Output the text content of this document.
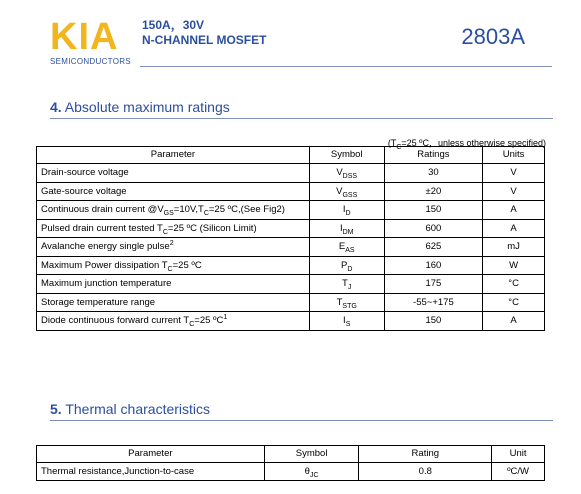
KIA
SEMICONDUCTORS
150A，30V
N-CHANNEL MOSFET	2803A
4. Absolute maximum ratings
($T_C=25$ ºC，unless otherwise specified)
Parameter	Symbol	Ratings	Units
Drain-source voltage	$V_{DSS}$	30	V
Gate-source voltage	$V_{GSS}$	±20	V
Continuous drain current $@V_{GS}=10V,T_C=25$ ºC,(See Fig2)	$I_D$	150	A
Pulsed drain current tested $T_C=25$ ºC (Silicon Limit)	$I_{DM}$	600	A
Avalanche energy single pulse$^2$	$E_{AS}$	625	mJ
Maximum Power dissipation $T_C=25$ ºC	$P_D$	160	W
Maximum junction temperature	$T_J$	175	°C
Storage temperature range	$T_{STG}$	-55~+175	°C
Diode continuous forward current $T_C=25$ ºC$^1$	$I_S$	150	A
5. Thermal characteristics
Parameter	Symbol	Rating	Unit
Thermal resistance,Junction-to-case	$\theta_{JC}$	0.8	ºC/W
